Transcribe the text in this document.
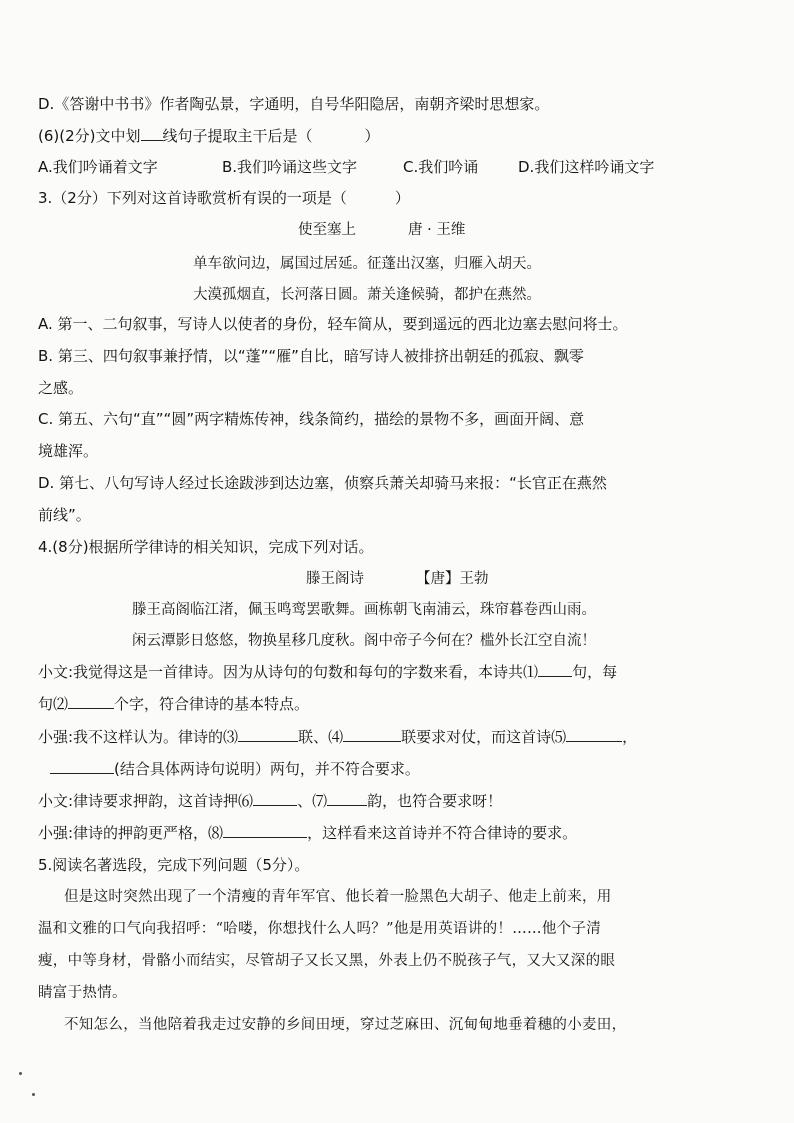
D.《答谢中书书》作者陶弘景，字通明，自号华阳隐居，南朝齐梁时思想家。
(6)(2分)文中划 线句子提取主干后是（	）
A.我们吟诵着文字	B.我们吟诵这些文字	C.我们吟诵	D.我们这样吟诵文字
3.（2分）下列对这首诗歌赏析有误的一项是（	）
使至塞上	唐 · 王维
单车欲问边，属国过居延。征蓬出汉塞，归雁入胡天。
大漠孤烟直，长河落日圆。萧关逢候骑，都护在燕然。
A. 第一、二句叙事，写诗人以使者的身份，轻车简从，要到遥远的西北边塞去慰问将士。
B. 第三、四句叙事兼抒情，以“蓬”“雁”自比，暗写诗人被排挤出朝廷的孤寂、飘零
之感。
C. 第五、六句“直”“圆”两字精炼传神，线条简约，描绘的景物不多，画面开阔、意
境雄浑。
D. 第七、八句写诗人经过长途跋涉到达边塞，侦察兵萧关却骑马来报：“长官正在燕然
前线”。
4.(8分)根据所学律诗的相关知识，完成下列对话。
滕王阁诗	【唐】王勃
滕王高阁临江渚，佩玉鸣鸾罢歌舞。画栋朝飞南浦云，珠帘暮卷西山雨。
闲云潭影日悠悠，物换星移几度秋。阁中帝子今何在？槛外长江空自流！
小文:我觉得这是一首律诗。因为从诗句的句数和每句的字数来看，本诗共⑴ 句，每
句⑵	个字，符合律诗的基本特点。
小强:我不这样认为。律诗的⑶	联、⑷	联要求对仗，而这首诗⑸	，
(结合具体两诗句说明）两句，并不符合要求。
小文:律诗要求押韵，这首诗押⑹	、⑺	韵，也符合要求呀！
小强:律诗的押韵更严格，⑻	，这样看来这首诗并不符合律诗的要求。
5.阅读名著选段，完成下列问题（5分）。
但是这时突然出现了一个清瘦的青年军官、他长着一脸黑色大胡子、他走上前来，用
温和文雅的口气向我招呼：“哈喽，你想找什么人吗？”他是用英语讲的！……他个子清
瘦，中等身材，骨骼小而结实，尽管胡子又长又黑，外表上仍不脱孩子气，又大又深的眼
睛富于热情。
不知怎么，当他陪着我走过安静的乡间田埂，穿过芝麻田、沉甸甸地垂着穗的小麦田，
